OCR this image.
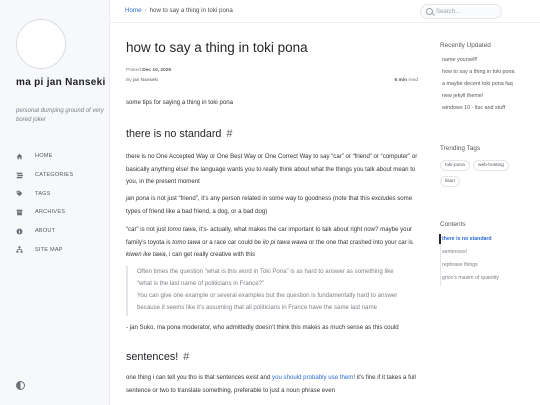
ma pi jan Nanseki
personal dumping ground of very bored joker
HOME
CATEGORIES
TAGS
ARCHIVES
ABOUT
SITE MAP
Home › how to say a thing in toki pona	Search...
how to say a thing in toki pona
Posted Dec 10, 2025
By jan Nanseki	6 min read
some tips for saying a thing in toki pona
there is no standard #
there is no One Accepted Way or One Best Way or One Correct Way to say “car” or “friend” or “computer” or basically anything else! the language wants you to really think about what the things you talk about mean to you, in the present moment
jan pona is not just “friend”, it’s any person related in some way to goodness (note that this excludes some types of friend like a bad friend, a dog, or a bad dog)
“car” is not just tomo tawa, it’s- actually, what makes the car important to talk about right now? maybe your family’s toyota is tomo tawa or a race car could be ilo pi tawa wawa or the one that crashed into your car is kiwen ike tawa, i can get really creative with this
Often times the question “what is this word in Toki Pona” is as hard to answer as something like
“what is the last name of politicians in France?”
You can give one example or several examples but the question is fundamentally hard to answer
because it seems like it’s assuming that all politicians in France have the same last name
- jan Suko, ma pona moderator, who admittedly doesn’t think this makes as much sense as this could
sentences! #
one thing i can tell you tho is that sentences exist and you should probably use them! it’s fine if it takes a full sentence or two to translate something, preferable to just a noun phrase even
Recently Updated
name yourself!
how to say a thing in toki pona
a maybe decent toki pona faq
new jekyll theme!
windows 10 - ltsc and stuff
Trending Tags
toki-pona	web-hosting
lisari
Contents
there is no standard
sentences!
rephrase things
grice’s maxim of quantity
